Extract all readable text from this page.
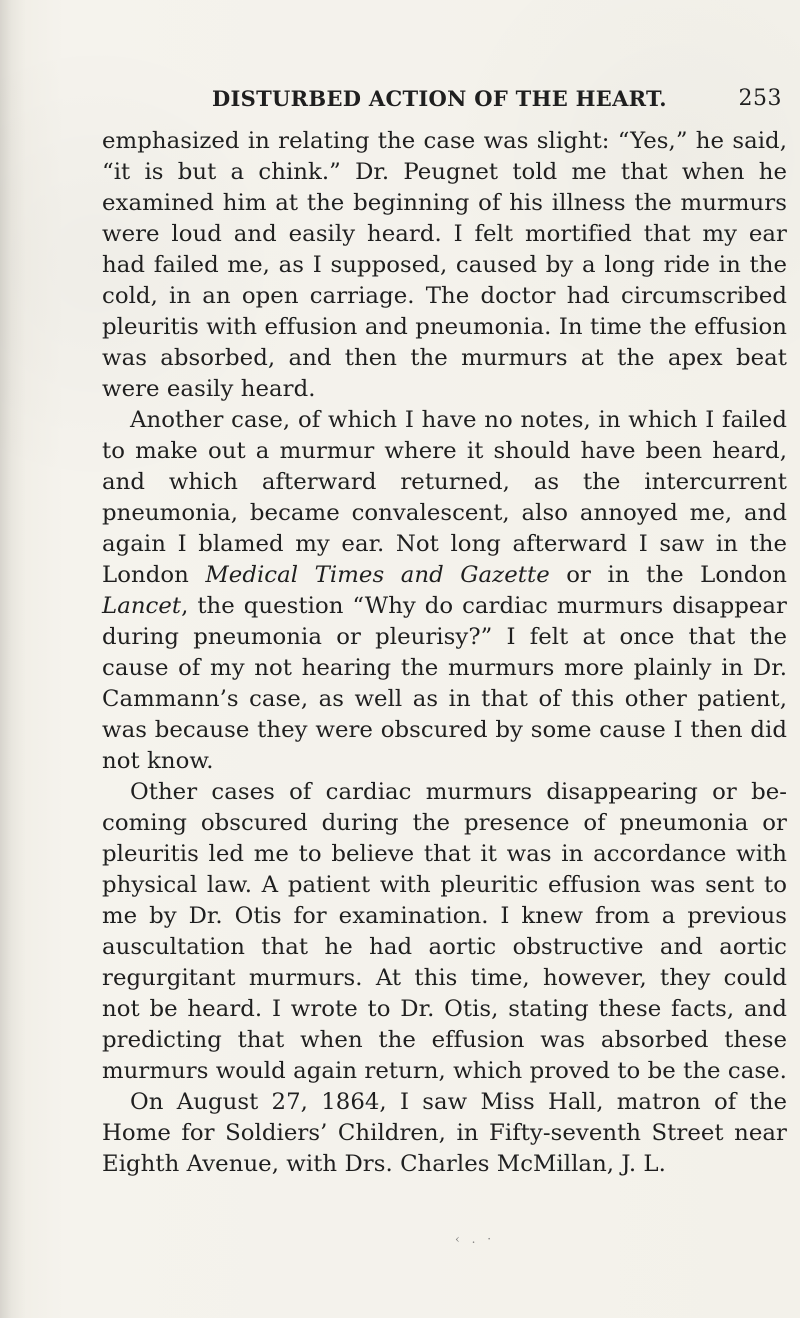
DISTURBED ACTION OF THE HEART.	253

emphasized in relating the case was slight: “Yes,” he said, “it is but a chink.” Dr. Peugnet told me that when he examined him at the beginning of his illness the murmurs were loud and easily heard. I felt mortified that my ear had failed me, as I supposed, caused by a long ride in the cold, in an open carriage. The doctor had circumscribed pleuritis with effusion and pneumonia. In time the effusion was absorbed, and then the murmurs at the apex beat were easily heard.

Another case, of which I have no notes, in which I failed to make out a murmur where it should have been heard, and which afterward returned, as the intercurrent pneumonia, became convalescent, also annoyed me, and again I blamed my ear. Not long afterward I saw in the London Medical Times and Gazette or in the London Lancet, the question “Why do cardiac murmurs disappear during pneumonia or pleurisy?” I felt at once that the cause of my not hearing the murmurs more plainly in Dr. Cammann’s case, as well as in that of this other patient, was because they were obscured by some cause I then did not know.

Other cases of cardiac murmurs disappearing or becoming obscured during the presence of pneumonia or pleuritis led me to believe that it was in accordance with physical law. A patient with pleuritic effusion was sent to me by Dr. Otis for examination. I knew from a previous auscultation that he had aortic obstructive and aortic regurgitant murmurs. At this time, however, they could not be heard. I wrote to Dr. Otis, stating these facts, and predicting that when the effusion was absorbed these murmurs would again return, which proved to be the case.

On August 27, 1864, I saw Miss Hall, matron of the Home for Soldiers’ Children, in Fifty-seventh Street near Eighth Avenue, with Drs. Charles McMillan, J. L.

‹ . ·
